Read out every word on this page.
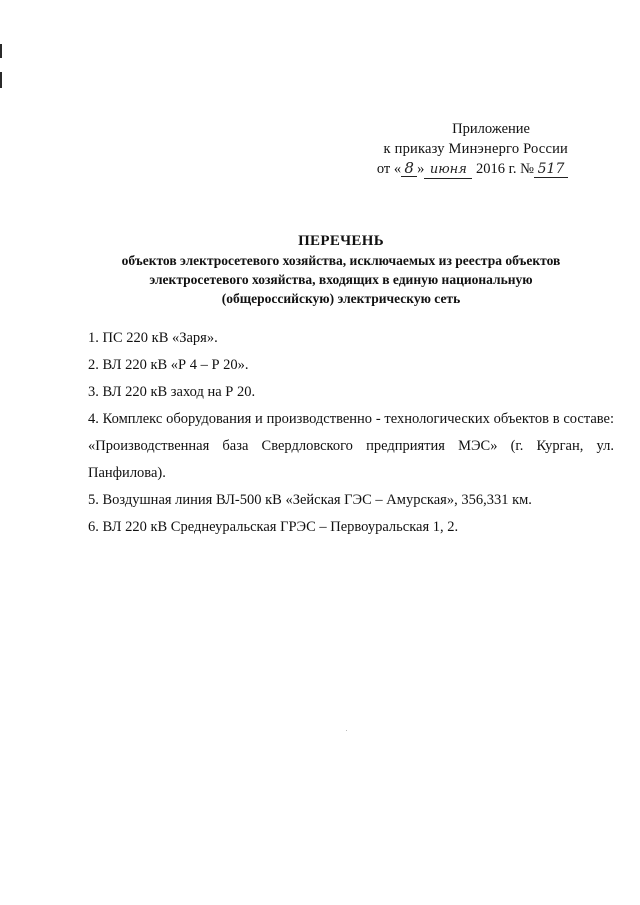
Приложение
к приказу Минэнерго России
от « 8 » июня 2016 г. № 517
ПЕРЕЧЕНЬ
объектов электросетевого хозяйства, исключаемых из реестра объектов
электросетевого хозяйства, входящих в единую национальную
(общероссийскую) электрическую сеть

1. ПС 220 кВ «Заря».

2. ВЛ 220 кВ «Р 4 – Р 20».

3. ВЛ 220 кВ заход на Р 20.

4. Комплекс оборудования и производственно - технологических объектов в составе: «Производственная база Свердловского предприятия МЭС» (г. Курган, ул. Панфилова).

5. Воздушная линия ВЛ-500 кВ «Зейская ГЭС – Амурская», 356,331 км.

6. ВЛ 220 кВ Среднеуральская ГРЭС – Первоуральская 1, 2.
